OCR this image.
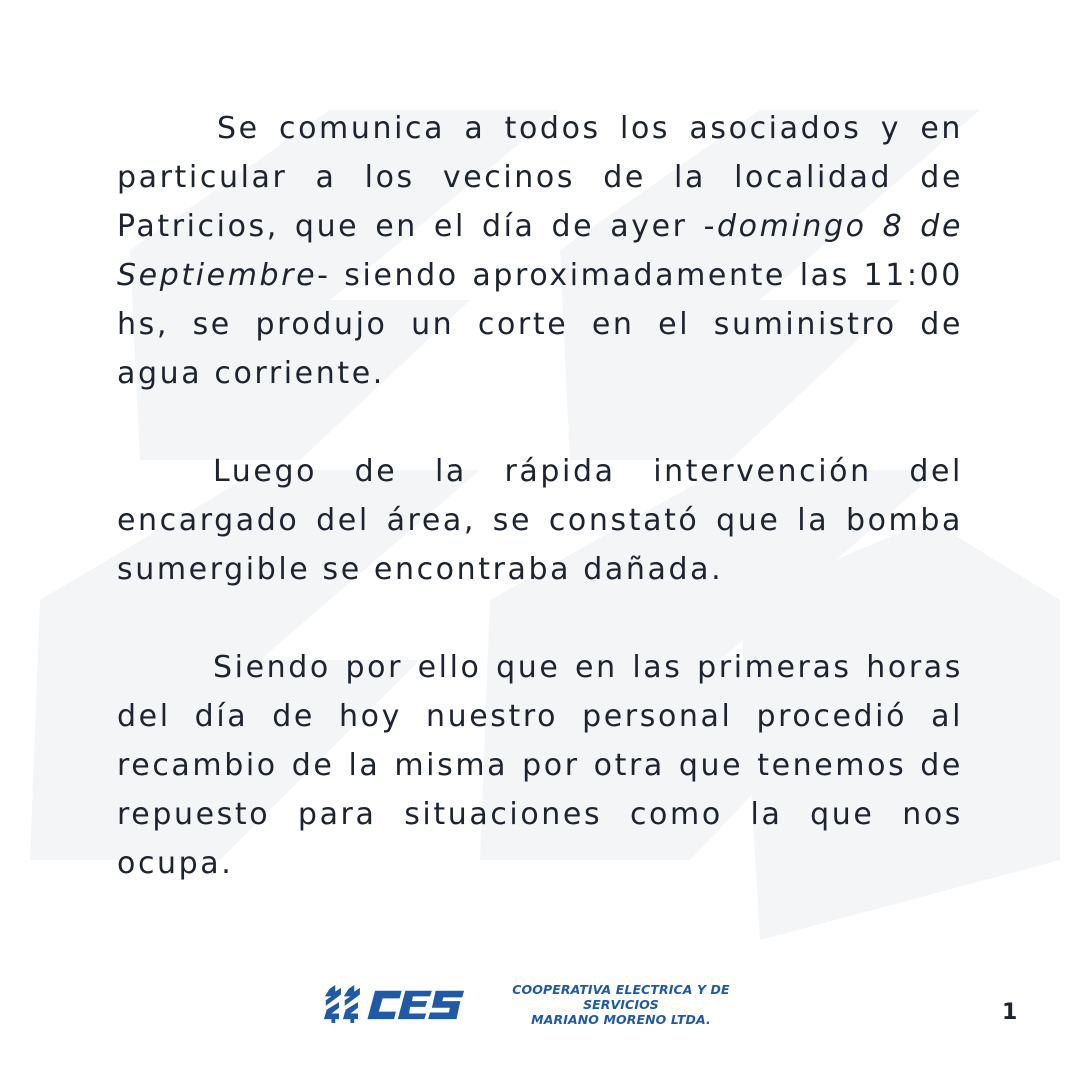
Se comunica a todos los asociados y en particular a los vecinos de la localidad de Patricios, que en el día de ayer -domingo 8 de Septiembre- siendo aproximadamente las 11:00 hs, se produjo un corte en el suministro de agua corriente.

Luego de la rápida intervención del encargado del área, se constató que la bomba sumergible se encontraba dañada.

Siendo por ello que en las primeras horas del día de hoy nuestro personal procedió al recambio de la misma por otra que tenemos de repuesto para situaciones como la que nos ocupa.

COOPERATIVA ELECTRICA Y DE SERVICIOS
MARIANO MORENO LTDA.	1
